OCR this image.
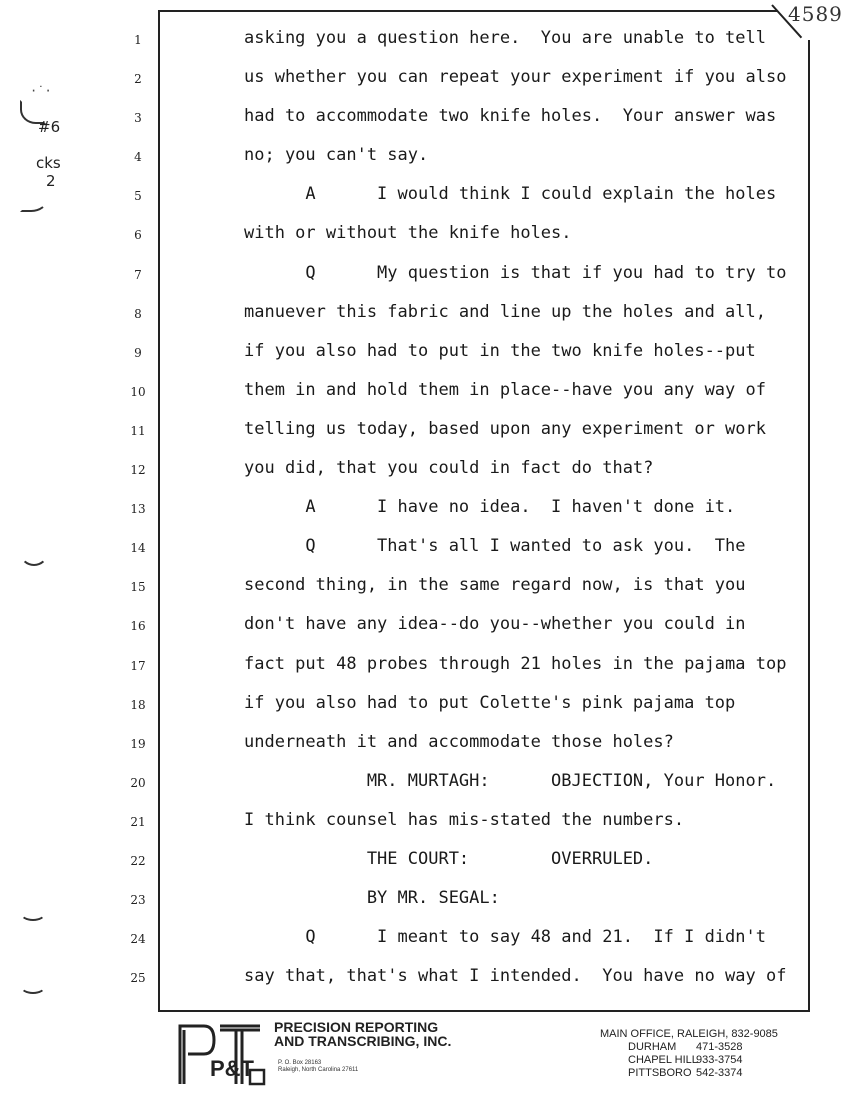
4589
·˙·
#6
cks
2
1	asking you a question here.  You are unable to tell
2	us whether you can repeat your experiment if you also
3	had to accommodate two knife holes.  Your answer was
4	no; you can't say.
5	A      I would think I could explain the holes
6	with or without the knife holes.
7	Q      My question is that if you had to try to
8	manuever this fabric and line up the holes and all,
9	if you also had to put in the two knife holes--put
10	them in and hold them in place--have you any way of
11	telling us today, based upon any experiment or work
12	you did, that you could in fact do that?
13	A      I have no idea.  I haven't done it.
14	Q      That's all I wanted to ask you.  The
15	second thing, in the same regard now, is that you
16	don't have any idea--do you--whether you could in
17	fact put 48 probes through 21 holes in the pajama top
18	if you also had to put Colette's pink pajama top
19	underneath it and accommodate those holes?
20	MR. MURTAGH:      OBJECTION, Your Honor.
21	I think counsel has mis-stated the numbers.
22	THE COURT:        OVERRULED.
23	BY MR. SEGAL:
24	Q      I meant to say 48 and 21.  If I didn't
25	say that, that's what I intended.  You have no way of
P&T
PRECISION REPORTING
AND TRANSCRIBING, INC.
P. O. Box 28163
Raleigh, North Carolina 27611
MAIN OFFICE, RALEIGH, 832-9085
DURHAM 471-3528
CHAPEL HILL933-3754
PITTSBORO 542-3374
